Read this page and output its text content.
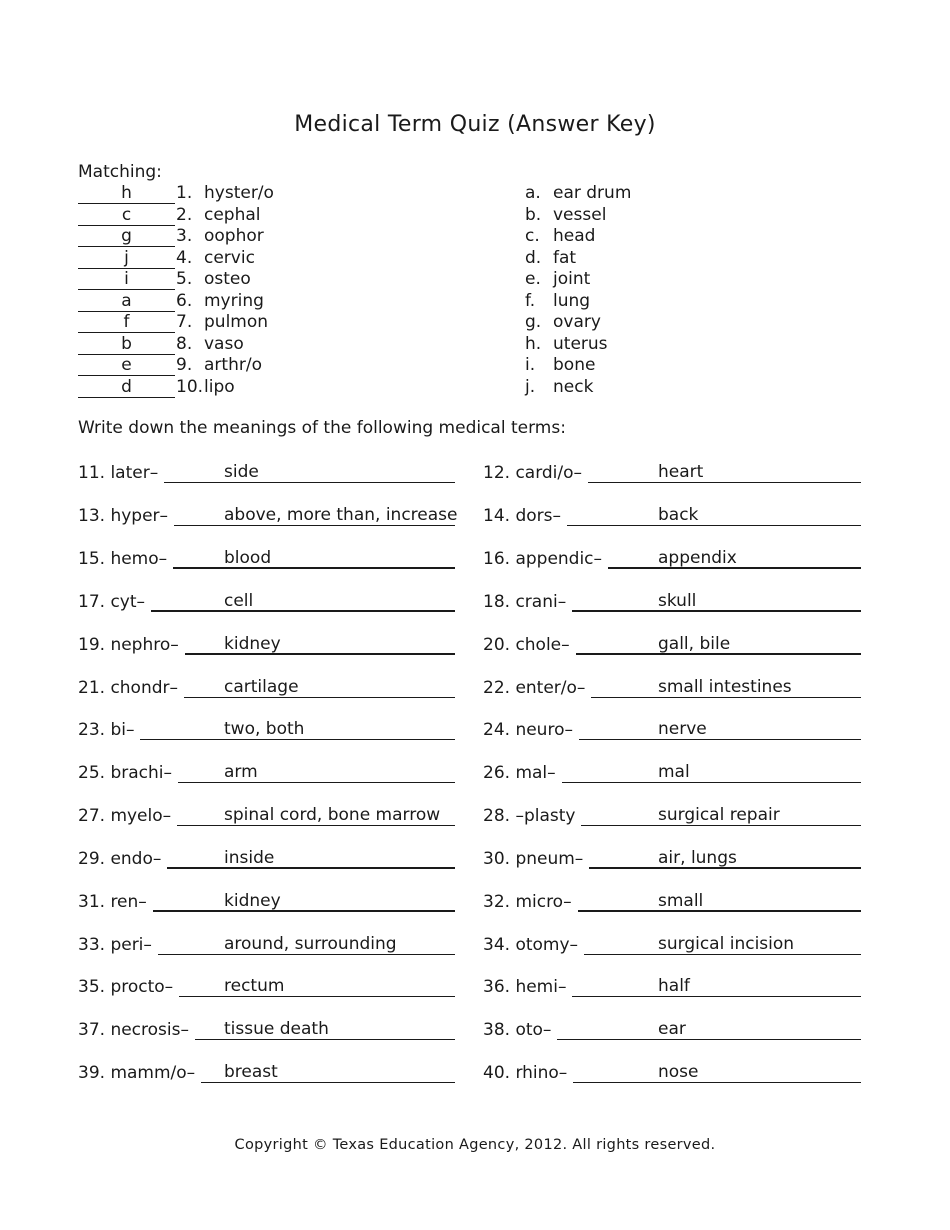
Medical Term Quiz (Answer Key)
Matching:
h	1. hyster/o
c	2. cephal
g	3. oophor
j	4. cervic
i	5. osteo
a	6. myring
f	7. pulmon
b	8. vaso
e	9. arthr/o
d	10. lipo
a. ear drum
b. vessel
c. head
d. fat
e. joint
f. lung
g. ovary
h. uterus
i. bone
j. neck
Write down the meanings of the following medical terms:
11. later–	side	12. cardi/o–	heart
13. hyper–	above, more than, increase 14. dors–	back
15. hemo–	blood	16. appendic–	appendix
17. cyt–	cell	18. crani–	skull
19. nephro–	kidney	20. chole–	gall, bile
21. chondr–	cartilage	22. enter/o–	small intestines
23. bi–	two, both	24. neuro–	nerve
25. brachi–	arm	26. mal–	mal
27. myelo–	spinal cord, bone marrow	28. –plasty	surgical repair
29. endo–	inside	30. pneum–	air, lungs
31. ren–	kidney	32. micro–	small
33. peri–	around, surrounding	34. otomy–	surgical incision
35. procto–	rectum	36. hemi–	half
37. necrosis–	tissue death	38. oto–	ear
39. mamm/o–	breast	40. rhino–	nose
Copyright © Texas Education Agency, 2012. All rights reserved.
